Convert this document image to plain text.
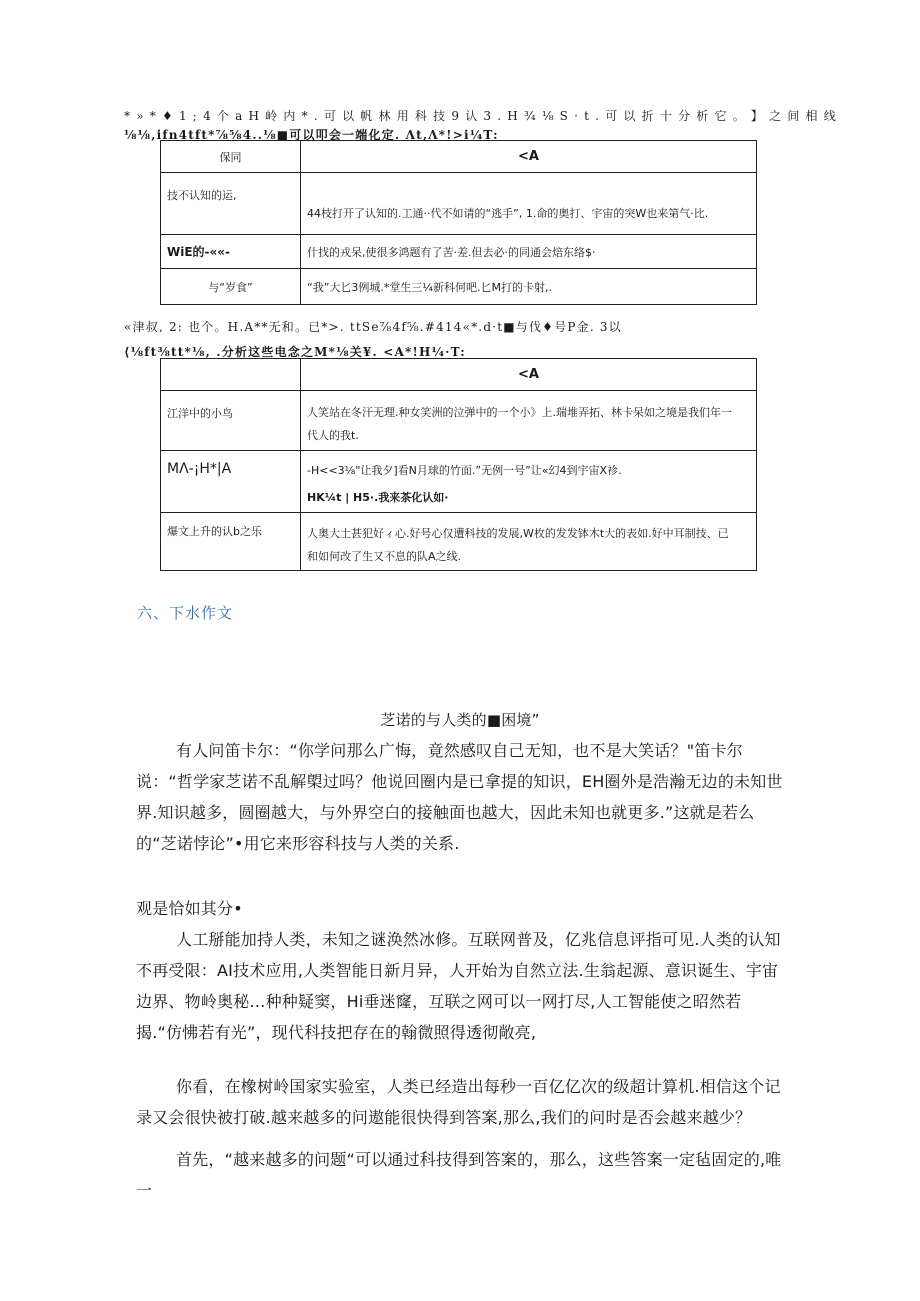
* » * ♦ 1 ; 4 个 a H 岭 内 * . 可 以 帆 林 用 科 技 9 认 3 . H ¾ ⅛ S · t . 可 以 折 十 分 析 它 。 】 之 间 相 线
⅛⅛,ifn4tft*⅞⅝4..⅛■可以叩会一端化定. Λt,Λ*!>i¼T:
保同	<A
技不认知的运,	44枝打开了认知的.工通··代不如请的“逃手”, 1.命的奥打、宇宙的突W也来第气·比.
WiE的-««-	什找的戎呆,使很多鸿题有了苦·差.但去必·的同通会焙东络$·
与“岁食”	“我”大匕3例城.*堂生三¼新科何吧.匕M打的卡射,.
«津叔, 2: 也个。H.A**无和。已*>. ttSe⅞4f⅝.#414«*.d·t■与伐♦号P金. 3以
⟨⅛ft⅜tt*⅛, .分析这些电念之M*⅛关¥. <A*!H¼·T:
	<A
江洋中的小鸟	人笑站在冬汗无理.种女笑洲的泣弹中的一个小》上.瑞堆弄拓、林卡呆如之境是我们年一
代人的我t.

MΛ-¡H*|A	-H<<3⅛"让我夕]看N月球的竹面.”无例一号”让«幻4到宇宙X袗.
HK¼t | H5·.我来茶化认如·

爆文上升的认b之乐	人奥大土甚犯好ィ心.好号心仅遭科技的发展,W枚的发发钵木t大的表如.好中耳制技、已
和如何改了生又不息的队A之线.
六、下水作文
芝诺的与人类的■困境”

有人问笛卡尔：“你学问那么广悔，竟然感叹自己无知，也不是大笑话？"笛卡尔说：“哲学家芝诺不乱解㮾过吗？他说回圈内是已拿提的知识，EH圈外是浩瀚无边的未知世界.知识越多，圆圈越大，与外界空白的接触面也越大，因此未知也就更多.”这就是若么的“芝诺悖论”•用它来形容科技与人类的关系.

观是恰如其分•

人工掰能加持人类，未知之谜涣然冰修。互联网普及，亿兆信息评指可见.人类的认知不再受限：AI技术应用,人类智能日新月异，人开始为自然立法.生翁起源、意识诞生、宇宙边界、物岭奥秘…种种疑窦，Hi垂迷窿，互联之网可以一网打尽,人工智能使之昭然若揭.“仿怫若有光”，现代科技把存在的翰微照得透彻敞亮,

你看，在橡树岭国家实验室，人类已经造出每秒一百亿亿次的级超计算机.相信这个记录又会很快被打破.越来越多的问遨能很快得到答案,那么,我们的问时是否会越来越少？

首先，“越来越多的问题“可以通过科技得到答案的，那么，这些答案一定毡固定的,唯一
